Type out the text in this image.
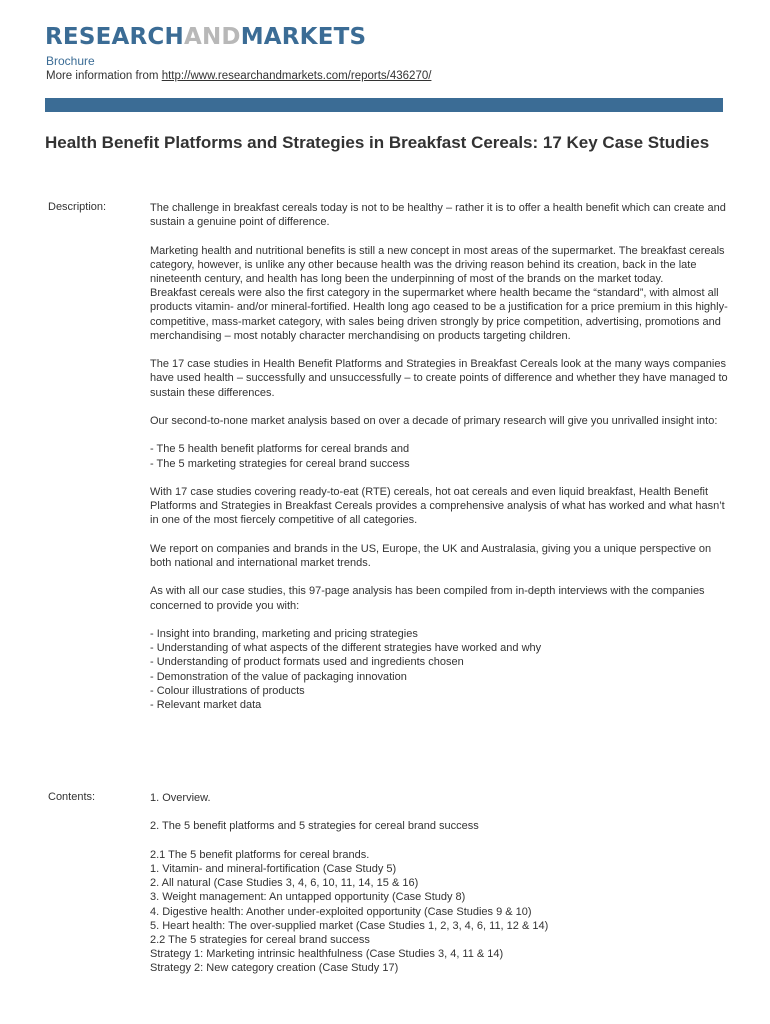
RESEARCHANDMARKETS
Brochure
More information from http://www.researchandmarkets.com/reports/436270/
Health Benefit Platforms and Strategies in Breakfast Cereals: 17 Key Case Studies
Description:	The challenge in breakfast cereals today is not to be healthy – rather it is to offer a health benefit which can create and sustain a genuine point of difference.

Marketing health and nutritional benefits is still a new concept in most areas of the supermarket. The breakfast cereals category, however, is unlike any other because health was the driving reason behind its creation, back in the late nineteenth century, and health has long been the underpinning of most of the brands on the market today.
Breakfast cereals were also the first category in the supermarket where health became the “standard”, with almost all products vitamin- and/or mineral-fortified. Health long ago ceased to be a justification for a price premium in this highly-competitive, mass-market category, with sales being driven strongly by price competition, advertising, promotions and merchandising – most notably character merchandising on products targeting children.

The 17 case studies in Health Benefit Platforms and Strategies in Breakfast Cereals look at the many ways companies have used health – successfully and unsuccessfully – to create points of difference and whether they have managed to sustain these differences.

Our second-to-none market analysis based on over a decade of primary research will give you unrivalled insight into:

- The 5 health benefit platforms for cereal brands and
- The 5 marketing strategies for cereal brand success

With 17 case studies covering ready-to-eat (RTE) cereals, hot oat cereals and even liquid breakfast, Health Benefit Platforms and Strategies in Breakfast Cereals provides a comprehensive analysis of what has worked and what hasn’t in one of the most fiercely competitive of all categories.

We report on companies and brands in the US, Europe, the UK and Australasia, giving you a unique perspective on both national and international market trends.

As with all our case studies, this 97-page analysis has been compiled from in-depth interviews with the companies concerned to provide you with:

- Insight into branding, marketing and pricing strategies
- Understanding of what aspects of the different strategies have worked and why
- Understanding of product formats used and ingredients chosen
- Demonstration of the value of packaging innovation
- Colour illustrations of products
- Relevant market data

Contents:	1. Overview.

2. The 5 benefit platforms and 5 strategies for cereal brand success

2.1 The 5 benefit platforms for cereal brands.
1. Vitamin- and mineral-fortification (Case Study 5)
2. All natural (Case Studies 3, 4, 6, 10, 11, 14, 15 & 16)
3. Weight management: An untapped opportunity (Case Study 8)
4. Digestive health: Another under-exploited opportunity (Case Studies 9 & 10)
5. Heart health: The over-supplied market (Case Studies 1, 2, 3, 4, 6, 11, 12 & 14)
2.2 The 5 strategies for cereal brand success
Strategy 1: Marketing intrinsic healthfulness (Case Studies 3, 4, 11 & 14)
Strategy 2: New category creation (Case Study 17)
